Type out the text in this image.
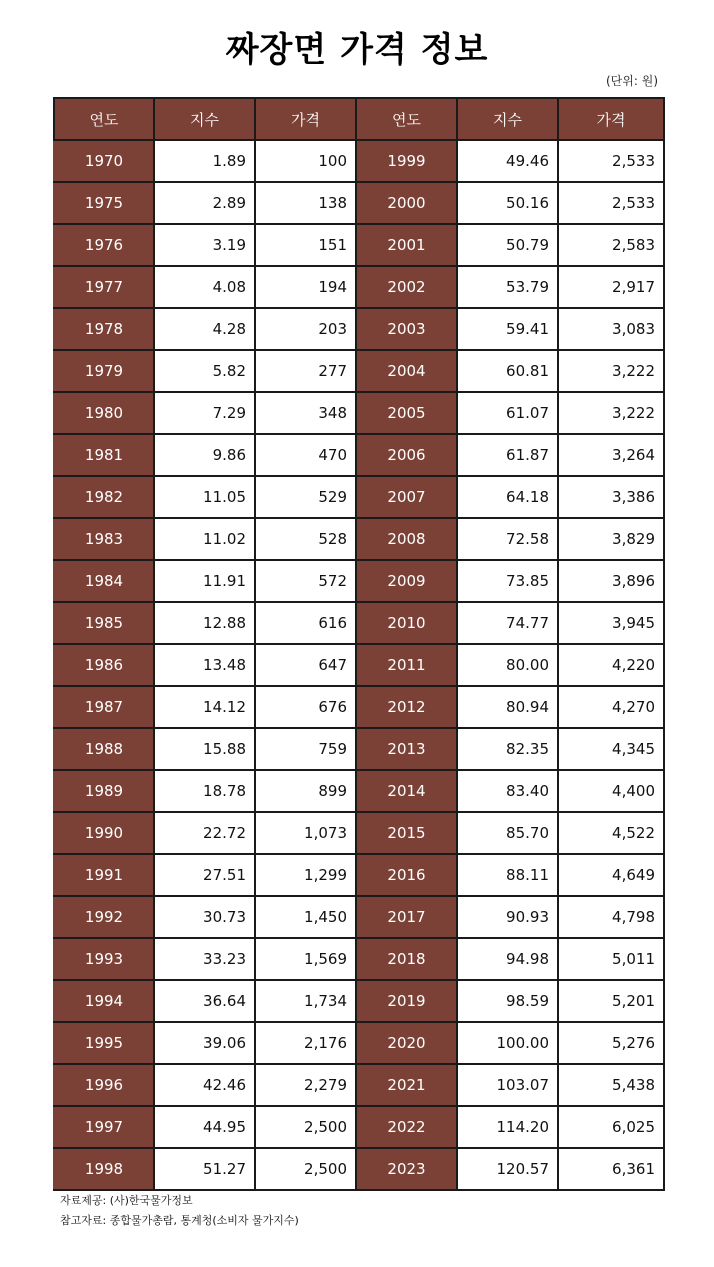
짜장면 가격 정보
(단위: 원)
연도	지수	가격	연도	지수	가격
1970	1.89	100	1999	49.46	2,533
1975	2.89	138	2000	50.16	2,533
1976	3.19	151	2001	50.79	2,583
1977	4.08	194	2002	53.79	2,917
1978	4.28	203	2003	59.41	3,083
1979	5.82	277	2004	60.81	3,222
1980	7.29	348	2005	61.07	3,222
1981	9.86	470	2006	61.87	3,264
1982	11.05	529	2007	64.18	3,386
1983	11.02	528	2008	72.58	3,829
1984	11.91	572	2009	73.85	3,896
1985	12.88	616	2010	74.77	3,945
1986	13.48	647	2011	80.00	4,220
1987	14.12	676	2012	80.94	4,270
1988	15.88	759	2013	82.35	4,345
1989	18.78	899	2014	83.40	4,400
1990	22.72	1,073	2015	85.70	4,522
1991	27.51	1,299	2016	88.11	4,649
1992	30.73	1,450	2017	90.93	4,798
1993	33.23	1,569	2018	94.98	5,011
1994	36.64	1,734	2019	98.59	5,201
1995	39.06	2,176	2020	100.00	5,276
1996	42.46	2,279	2021	103.07	5,438
1997	44.95	2,500	2022	114.20	6,025
1998	51.27	2,500	2023	120.57	6,361
자료제공: (사)한국물가정보
참고자료: 종합물가총람, 통계청(소비자 물가지수)
